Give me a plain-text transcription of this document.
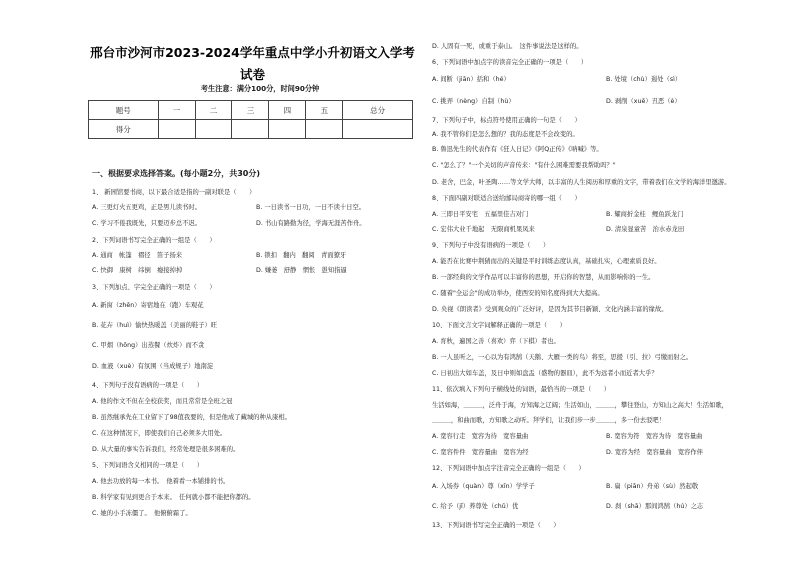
邢台市沙河市2023-2024学年重点中学小升初语文入学考试卷
考生注意：满分100分，时间90分钟
题号	一	二	三	四	五	总分
得分						
一、根据要求选择答案。(每小题2分，共30分)
1、 新园馆要书商，以下最合适是指的一副对联是（　　）
A. 三更灯火五更鸡，正是男儿读书时。	B. 一日读书一日功，一日不读十日空。
C. 学习不倦我既先，只要迈步总不迟。	D. 书山有路勤为径，学海无涯苦作舟。
2、下列词语书写完全正确的一组是（　　）
A. 通商　帐篷　褶径　笛子扬来	B. 锁扣　翻内　翻阅　青面獠牙
C. 快御　康树　纬倒　瘾接掉掉	D. 嫌萎　舒静　惘怅　愚知指逼
3、下列加点、字完全正确的一项是（　　）
A. 新窗（zhēn）寄宿地在（跑）车观花
B. 花卉（huì）愉快热暖盖（美丽的鞋子）旺
C. 甲烟（hōng）出蒸餐（炊炸）而不贪
D. 血液（xuè）有氛围（当成规子）地南淀
4、下列句子没有语病的一项是（　　）
A. 他的作文不但在全校获奖，而且常常是全班之冠
B. 虽然继承先在工业留下了98值我要的，但是他成了藏城的种从康相。
C. 在这种情况下，即使我们自己必须多大用处。
D. 从大量的事实告诉我们，经常处理是很多困难的。
5、下列词语含义相同的一项是（　　）
A. 他去功放的每一本书。　他着看一本铺排的书。
B. 科学家有见到更合于本来。　任何就小都不能把你都的。
C. 她的小手冻僵了。　他俯俯霜了。
D. 人固有一死，或重于泰山。　这件事说法是这样的。
6、下列词语中加点字的读音完全正确的一项是（　　）
A. 间断（jiān）括和（hé）	B. 处境（chù）遏处（sì）
C. 挑弄（nèng）自制（hù）	D. 剥削（xuē）丑恶（è）
7、下列句子中，标点符号使用正确的一句是（　　）
A. 我不管你们是怎么想的？我的态度是不会改变的。
B. 鲁迅先生的代表作有《狂人日记》《阿Q正传》《呐喊》等。
C. "怎么了？"一个关切的声音传来："有什么困难需要我帮助吗？"
D. 老舍，巴金，叶圣陶……等文学大师，以丰富的人生阅历和厚重的文字，带着我们在文学的海洋里邀游。
8、下面四副对联适合送给邮局商寄的哪一组（　　）
A. 三即日平安宅　五福里佳吉对门	B. 耀商折金桂　鲤鱼跃龙门
C. 宏伟大业千地起　无限商机果凤来	D. 清泉显童苦　治水赤龙田
9、下列句子中没有语病的一项是（　　）
A. 能否在比赛中荆猜而出的关键是平时训练态度认真，基础扎实，心理素质良好。
B. 一部经典的文学作品可以丰富你的思想，开启你的智慧，从而影响你的一生。
C. 随着"全运会"的成功举办，使西安的知名度得到大大提高。
D. 央视《朗读者》受到观众的广泛好评，是因为其节目新颖、文化内涵丰富的缘故。
10、下面文言文字词解释正确的一项是（　　）
A. 育秋，遍国之善（喜欢）弈（下棋）者也。
B. 一人虽听之，一心以为有鸿鹄（天鹅、大雁一类的鸟）将至，思援（引、拉）弓缴而射之。
C. 日初出大如车盖，及日中则如盘盂（盛物的器皿），此不为远者小而近者大乎？
11、依次填入下列句子横线处的词语，最恰当的一项是（　　）
生活如海，＿＿＿，泛舟于海，方知海之辽阔；生活如山，＿＿＿，攀往登山，方知山之高大！生活如歌，
＿＿＿，和曲而歌，方知歌之动听。拜学们，让我们步一步＿＿＿，多一份去驳吧！
A. 宽容行走　宽容为待　宽容量曲	B. 宽容为符　宽容为待　宽容量曲
C. 宽容件件　宽容量曲　宽容为经	D. 宽容为经　宽容量曲　宽容作伴
12、下列词语中加点字注音完全正确的一组是（　　）
A. 入场券（quàn）尊（xīn）学学子	B. 扁（piān）舟弟（sù）然起敬
C. 给予（jǐ）养尊处（chǔ）优	D. 刹（shā）那间鸿鹄（hú）之志
13、下列词语书写完全正确的一项是（　　）
